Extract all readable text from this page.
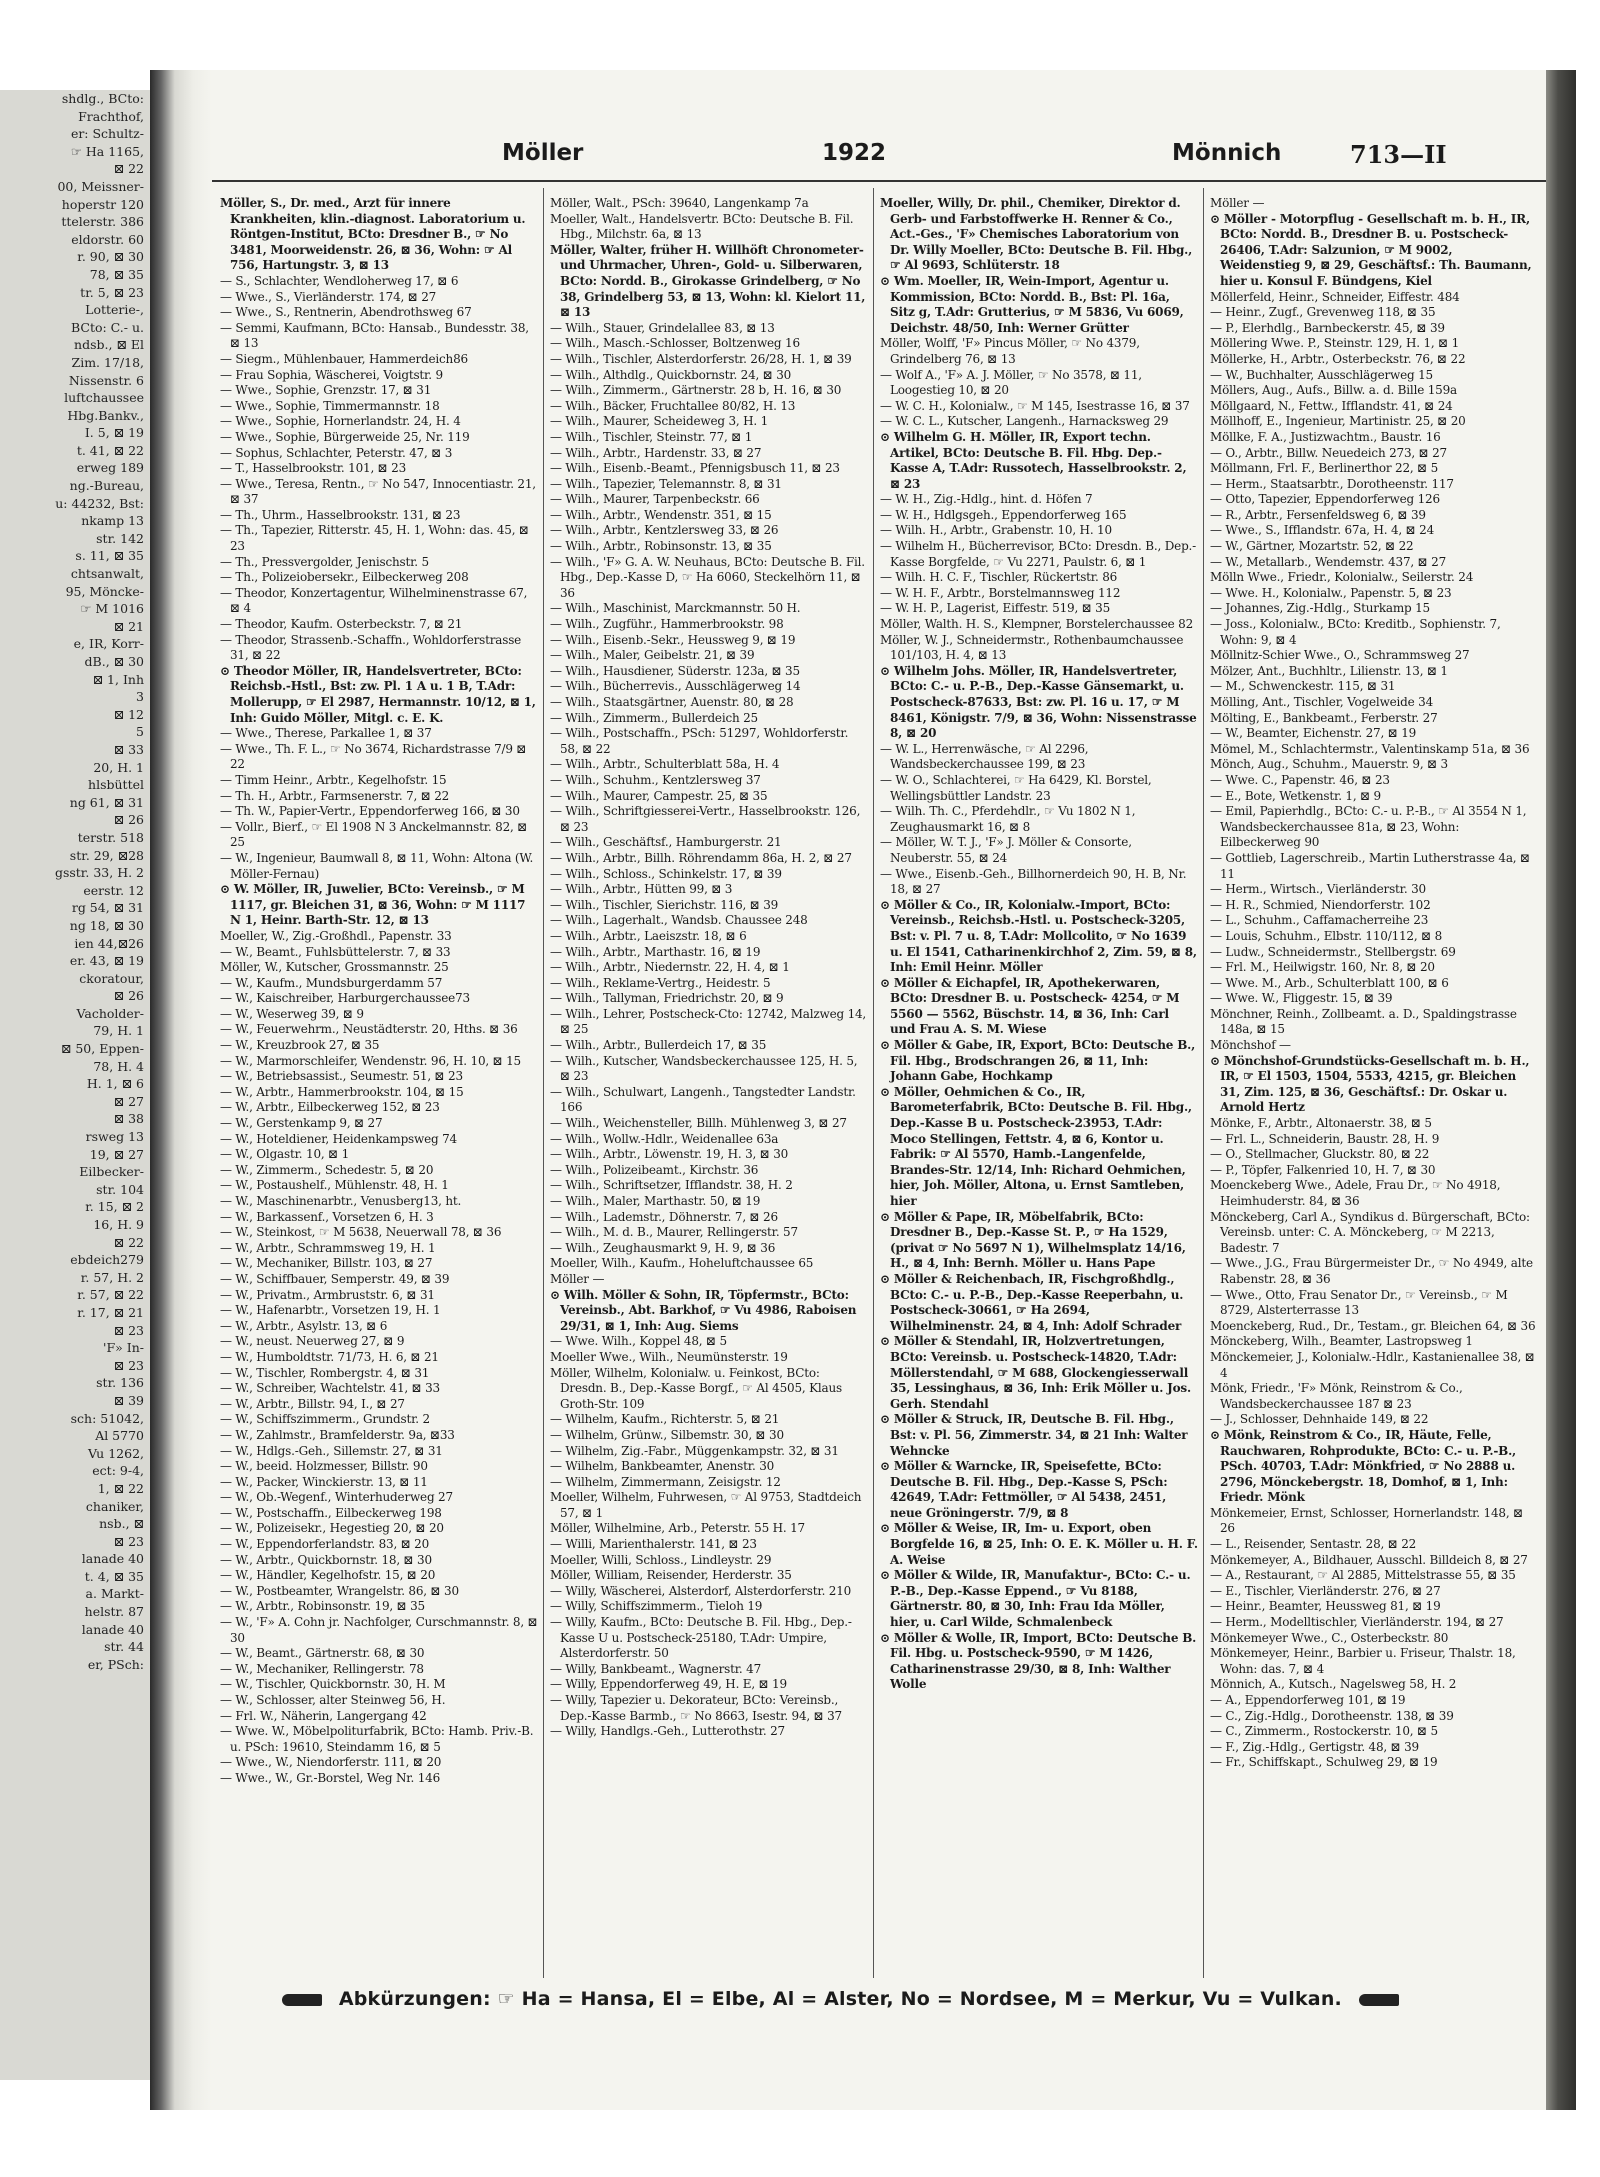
shdlg., BCto:
Frachthof,
er: Schultz-
☞ Ha 1165,
⊠ 22
00, Meissner-
hoperstr 120
ttelerstr. 386
eldorstr. 60
r. 90, ⊠ 30
78, ⊠ 35
tr. 5, ⊠ 23
Lotterie-,
BCto: C.- u.
ndsb., ⊠ El
Zim. 17/18,
Nissenstr. 6
luftchaussee
Hbg.Bankv.,
I. 5, ⊠ 19
t. 41, ⊠ 22
erweg 189
ng.-Bureau,
u: 44232, Bst:
nkamp 13
str. 142
s. 11, ⊠ 35
chtsanwalt,
95, Möncke-
☞ M 1016
⊠ 21
e, IR, Korr-
dB., ⊠ 30
⊠ 1, Inh
3
⊠ 12
5
⊠ 33
20, H. 1
hlsbüttel
ng 61, ⊠ 31
⊠ 26
terstr. 518
str. 29, ⊠28
gsstr. 33, H. 2
eerstr. 12
rg 54, ⊠ 31
ng 18, ⊠ 30
ien 44,⊠26
er. 43, ⊠ 19
ckoratour,
⊠ 26
Vacholder-
79, H. 1
⊠ 50, Eppen-
78, H. 4
H. 1, ⊠ 6
⊠ 27
⊠ 38
rsweg 13
19, ⊠ 27
Eilbecker-
str. 104
r. 15, ⊠ 2
16, H. 9
⊠ 22
ebdeich279
r. 57, H. 2
r. 57, ⊠ 22
r. 17, ⊠ 21
⊠ 23
'F» In-
⊠ 23
str. 136
⊠ 39
sch: 51042,
Al 5770
Vu 1262,
ect: 9-4,
1, ⊠ 22
chaniker,
nsb., ⊠
⊠ 23
lanade 40
t. 4, ⊠ 35
a. Markt-
helstr. 87
lanade 40
str. 44
er, PSch:
Möller	1922	Mönnich	713—II

Möller, S., Dr. med., Arzt für innere Krankheiten, klin.-diagnost. Laboratorium u. Röntgen-Institut, BCto: Dresdner B., ☞ No 3481, Moorweidenstr. 26, ⊠ 36, Wohn: ☞ Al 756, Hartungstr. 3, ⊠ 13

— S., Schlachter, Wendloherweg 17, ⊠ 6

— Wwe., S., Vierländerstr. 174, ⊠ 27

— Wwe., S., Rentnerin, Abendrothsweg 67

— Semmi, Kaufmann, BCto: Hansab., Bundesstr. 38, ⊠ 13

— Siegm., Mühlenbauer, Hammerdeich86

— Frau Sophia, Wäscherei, Voigtstr. 9

— Wwe., Sophie, Grenzstr. 17, ⊠ 31

— Wwe., Sophie, Timmermannstr. 18

— Wwe., Sophie, Hornerlandstr. 24, H. 4

— Wwe., Sophie, Bürgerweide 25, Nr. 119

— Sophus, Schlachter, Peterstr. 47, ⊠ 3

— T., Hasselbrookstr. 101, ⊠ 23

— Wwe., Teresa, Rentn., ☞ No 547, Innocentiastr. 21, ⊠ 37

— Th., Uhrm., Hasselbrookstr. 131, ⊠ 23

— Th., Tapezier, Ritterstr. 45, H. 1, Wohn: das. 45, ⊠ 23

— Th., Pressvergolder, Jenischstr. 5

— Th., Polizeiobersekr., Eilbeckerweg 208

— Theodor, Konzertagentur, Wilhelminenstrasse 67, ⊠ 4

— Theodor, Kaufm. Osterbeckstr. 7, ⊠ 21

— Theodor, Strassenb.-Schaffn., Wohldorferstrasse 31, ⊠ 22

⊙ Theodor Möller, IR, Handelsvertreter, BCto: Reichsb.-Hstl., Bst: zw. Pl. 1 A u. 1 B, T.Adr: Mollerupp, ☞ El 2987, Hermannstr. 10/12, ⊠ 1, Inh: Guido Möller, Mitgl. c. E. K.

— Wwe., Therese, Parkallee 1, ⊠ 37

— Wwe., Th. F. L., ☞ No 3674, Richardstrasse 7/9 ⊠ 22

— Timm Heinr., Arbtr., Kegelhofstr. 15

— Th. H., Arbtr., Farmsenerstr. 7, ⊠ 22

— Th. W., Papier-Vertr., Eppendorferweg 166, ⊠ 30

— Vollr., Bierf., ☞ El 1908 N 3 Anckelmannstr. 82, ⊠ 25

— W., Ingenieur, Baumwall 8, ⊠ 11, Wohn: Altona (W. Möller-Fernau)

⊙ W. Möller, IR, Juwelier, BCto: Vereinsb., ☞ M 1117, gr. Bleichen 31, ⊠ 36, Wohn: ☞ M 1117 N 1, Heinr. Barth-Str. 12, ⊠ 13

Moeller, W., Zig.-Großhdl., Papenstr. 33

— W., Beamt., Fuhlsbüttelerstr. 7, ⊠ 33

Möller, W., Kutscher, Grossmannstr. 25

— W., Kaufm., Mundsburgerdamm 57

— W., Kaischreiber, Harburgerchaussee73

— W., Weserweg 39, ⊠ 9

— W., Feuerwehrm., Neustädterstr. 20, Hths. ⊠ 36

— W., Kreuzbrook 27, ⊠ 35

— W., Marmorschleifer, Wendenstr. 96, H. 10, ⊠ 15

— W., Betriebsassist., Seumestr. 51, ⊠ 23

— W., Arbtr., Hammerbrookstr. 104, ⊠ 15

— W., Arbtr., Eilbeckerweg 152, ⊠ 23

— W., Gerstenkamp 9, ⊠ 27

— W., Hoteldiener, Heidenkampsweg 74

— W., Olgastr. 10, ⊠ 1

— W., Zimmerm., Schedestr. 5, ⊠ 20

— W., Postaushelf., Mühlenstr. 48, H. 1

— W., Maschinenarbtr., Venusberg13, ht.

— W., Barkassenf., Vorsetzen 6, H. 3

— W., Steinkost, ☞ M 5638, Neuerwall 78, ⊠ 36

— W., Arbtr., Schrammsweg 19, H. 1

— W., Mechaniker, Billstr. 103, ⊠ 27

— W., Schiffbauer, Semperstr. 49, ⊠ 39

— W., Privatm., Armbruststr. 6, ⊠ 31

— W., Hafenarbtr., Vorsetzen 19, H. 1

— W., Arbtr., Asylstr. 13, ⊠ 6

— W., neust. Neuerweg 27, ⊠ 9

— W., Humboldtstr. 71/73, H. 6, ⊠ 21

— W., Tischler, Rombergstr. 4, ⊠ 31

— W., Schreiber, Wachtelstr. 41, ⊠ 33

— W., Arbtr., Billstr. 94, I., ⊠ 27

— W., Schiffszimmerm., Grundstr. 2

— W., Zahlmstr., Bramfelderstr. 9a, ⊠33

— W., Hdlgs.-Geh., Sillemstr. 27, ⊠ 31

— W., beeid. Holzmesser, Billstr. 90

— W., Packer, Winckierstr. 13, ⊠ 11

— W., Ob.-Wegenf., Winterhuderweg 27

— W., Postschaffn., Eilbeckerweg 198

— W., Polizeisekr., Hegestieg 20, ⊠ 20

— W., Eppendorferlandstr. 83, ⊠ 20

— W., Arbtr., Quickbornstr. 18, ⊠ 30

— W., Händler, Kegelhofstr. 15, ⊠ 20

— W., Postbeamter, Wrangelstr. 86, ⊠ 30

— W., Arbtr., Robinsonstr. 19, ⊠ 35

— W., 'F» A. Cohn jr. Nachfolger, Curschmannstr. 8, ⊠ 30

— W., Beamt., Gärtnerstr. 68, ⊠ 30

— W., Mechaniker, Rellingerstr. 78

— W., Tischler, Quickbornstr. 30, H. M

— W., Schlosser, alter Steinweg 56, H.

— Frl. W., Näherin, Langergang 42

— Wwe. W., Möbelpoliturfabrik, BCto: Hamb. Priv.-B. u. PSch: 19610, Steindamm 16, ⊠ 5

— Wwe., W., Niendorferstr. 111, ⊠ 20

— Wwe., W., Gr.-Borstel, Weg Nr. 146

Möller, Walt., PSch: 39640, Langenkamp 7a

Moeller, Walt., Handelsvertr. BCto: Deutsche B. Fil. Hbg., Milchstr. 6a, ⊠ 13

Möller, Walter, früher H. Willhöft Chronometer- und Uhrmacher, Uhren-, Gold- u. Silberwaren, BCto: Nordd. B., Girokasse Grindelberg, ☞ No 38, Grindelberg 53, ⊠ 13, Wohn: kl. Kielort 11, ⊠ 13

— Wilh., Stauer, Grindelallee 83, ⊠ 13

— Wilh., Masch.-Schlosser, Boltzenweg 16

— Wilh., Tischler, Alsterdorferstr. 26/28, H. 1, ⊠ 39

— Wilh., Althdlg., Quickbornstr. 24, ⊠ 30

— Wilh., Zimmerm., Gärtnerstr. 28 b, H. 16, ⊠ 30

— Wilh., Bäcker, Fruchtallee 80/82, H. 13

— Wilh., Maurer, Scheideweg 3, H. 1

— Wilh., Tischler, Steinstr. 77, ⊠ 1

— Wilh., Arbtr., Hardenstr. 33, ⊠ 27

— Wilh., Eisenb.-Beamt., Pfennigsbusch 11, ⊠ 23

— Wilh., Tapezier, Telemannstr. 8, ⊠ 31

— Wilh., Maurer, Tarpenbeckstr. 66

— Wilh., Arbtr., Wendenstr. 351, ⊠ 15

— Wilh., Arbtr., Kentzlersweg 33, ⊠ 26

— Wilh., Arbtr., Robinsonstr. 13, ⊠ 35

— Wilh., 'F» G. A. W. Neuhaus, BCto: Deutsche B. Fil. Hbg., Dep.-Kasse D, ☞ Ha 6060, Steckelhörn 11, ⊠ 36

— Wilh., Maschinist, Marckmannstr. 50 H.

— Wilh., Zugführ., Hammerbrookstr. 98

— Wilh., Eisenb.-Sekr., Heussweg 9, ⊠ 19

— Wilh., Maler, Geibelstr. 21, ⊠ 39

— Wilh., Hausdiener, Süderstr. 123a, ⊠ 35

— Wilh., Bücherrevis., Ausschlägerweg 14

— Wilh., Staatsgärtner, Auenstr. 80, ⊠ 28

— Wilh., Zimmerm., Bullerdeich 25

— Wilh., Postschaffn., PSch: 51297, Wohldorferstr. 58, ⊠ 22

— Wilh., Arbtr., Schulterblatt 58a, H. 4

— Wilh., Schuhm., Kentzlersweg 37

— Wilh., Maurer, Campestr. 25, ⊠ 35

— Wilh., Schriftgiesserei-Vertr., Hasselbrookstr. 126, ⊠ 23

— Wilh., Geschäftsf., Hamburgerstr. 21

— Wilh., Arbtr., Billh. Röhrendamm 86a, H. 2, ⊠ 27

— Wilh., Schloss., Schinkelstr. 17, ⊠ 39

— Wilh., Arbtr., Hütten 99, ⊠ 3

— Wilh., Tischler, Sierichstr. 116, ⊠ 39

— Wilh., Lagerhalt., Wandsb. Chaussee 248

— Wilh., Arbtr., Laeiszstr. 18, ⊠ 6

— Wilh., Arbtr., Marthastr. 16, ⊠ 19

— Wilh., Arbtr., Niedernstr. 22, H. 4, ⊠ 1

— Wilh., Reklame-Vertrg., Heidestr. 5

— Wilh., Tallyman, Friedrichstr. 20, ⊠ 9

— Wilh., Lehrer, Postscheck-Cto: 12742, Malzweg 14, ⊠ 25

— Wilh., Arbtr., Bullerdeich 17, ⊠ 35

— Wilh., Kutscher, Wandsbeckerchaussee 125, H. 5, ⊠ 23

— Wilh., Schulwart, Langenh., Tangstedter Landstr. 166

— Wilh., Weichensteller, Billh. Mühlenweg 3, ⊠ 27

— Wilh., Wollw.-Hdlr., Weidenallee 63a

— Wilh., Arbtr., Löwenstr. 19, H. 3, ⊠ 30

— Wilh., Polizeibeamt., Kirchstr. 36

— Wilh., Schriftsetzer, Ifflandstr. 38, H. 2

— Wilh., Maler, Marthastr. 50, ⊠ 19

— Wilh., Lademstr., Döhnerstr. 7, ⊠ 26

— Wilh., M. d. B., Maurer, Rellingerstr. 57

— Wilh., Zeughausmarkt 9, H. 9, ⊠ 36

Moeller, Wilh., Kaufm., Hoheluftchaussee 65

Möller —

⊙ Wilh. Möller & Sohn, IR, Töpfermstr., BCto: Vereinsb., Abt. Barkhof, ☞ Vu 4986, Raboisen 29/31, ⊠ 1, Inh: Aug. Siems

— Wwe. Wilh., Koppel 48, ⊠ 5

Moeller Wwe., Wilh., Neumünsterstr. 19

Möller, Wilhelm, Kolonialw. u. Feinkost, BCto: Dresdn. B., Dep.-Kasse Borgf., ☞ Al 4505, Klaus Groth-Str. 109

— Wilhelm, Kaufm., Richterstr. 5, ⊠ 21

— Wilhelm, Grünw., Silbemstr. 30, ⊠ 30

— Wilhelm, Zig.-Fabr., Müggenkampstr. 32, ⊠ 31

— Wilhelm, Bankbeamter, Anenstr. 30

— Wilhelm, Zimmermann, Zeisigstr. 12

Moeller, Wilhelm, Fuhrwesen, ☞ Al 9753, Stadtdeich 57, ⊠ 1

Möller, Wilhelmine, Arb., Peterstr. 55 H. 17

— Willi, Marienthalerstr. 141, ⊠ 23

Moeller, Willi, Schloss., Lindleystr. 29

Möller, William, Reisender, Herderstr. 35

— Willy, Wäscherei, Alsterdorf, Alsterdorferstr. 210

— Willy, Schiffszimmerm., Tieloh 19

— Willy, Kaufm., BCto: Deutsche B. Fil. Hbg., Dep.-Kasse U u. Postscheck-25180, T.Adr: Umpire, Alsterdorferstr. 50

— Willy, Bankbeamt., Wagnerstr. 47

— Willy, Eppendorferweg 49, H. E, ⊠ 19

— Willy, Tapezier u. Dekorateur, BCto: Vereinsb., Dep.-Kasse Barmb., ☞ No 8663, Isestr. 94, ⊠ 37

— Willy, Handlgs.-Geh., Lutterothstr. 27

Moeller, Willy, Dr. phil., Chemiker, Direktor d. Gerb- und Farbstoffwerke H. Renner & Co., Act.-Ges., 'F» Chemisches Laboratorium von Dr. Willy Moeller, BCto: Deutsche B. Fil. Hbg., ☞ Al 9693, Schlüterstr. 18

⊙ Wm. Moeller, IR, Wein-Import, Agentur u. Kommission, BCto: Nordd. B., Bst: Pl. 16a, Sitz g, T.Adr: Grutterius, ☞ M 5836, Vu 6069, Deichstr. 48/50, Inh: Werner Grütter

Möller, Wolff, 'F» Pincus Möller, ☞ No 4379, Grindelberg 76, ⊠ 13

— Wolf A., 'F» A. J. Möller, ☞ No 3578, ⊠ 11, Loogestieg 10, ⊠ 20

— W. C. H., Kolonialw., ☞ M 145, Isestrasse 16, ⊠ 37

— W. C. L., Kutscher, Langenh., Harnacksweg 29

⊙ Wilhelm G. H. Möller, IR, Export techn. Artikel, BCto: Deutsche B. Fil. Hbg. Dep.-Kasse A, T.Adr: Russotech, Hasselbrookstr. 2, ⊠ 23

— W. H., Zig.-Hdlg., hint. d. Höfen 7

— W. H., Hdlgsgeh., Eppendorferweg 165

— Wilh. H., Arbtr., Grabenstr. 10, H. 10

— Wilhelm H., Bücherrevisor, BCto: Dresdn. B., Dep.-Kasse Borgfelde, ☞ Vu 2271, Paulstr. 6, ⊠ 1

— Wilh. H. C. F., Tischler, Rückertstr. 86

— W. H. F., Arbtr., Borstelmannsweg 112

— W. H. P., Lagerist, Eiffestr. 519, ⊠ 35

Möller, Walth. H. S., Klempner, Borstelerchaussee 82

Möller, W. J., Schneidermstr., Rothenbaumchaussee 101/103, H. 4, ⊠ 13

⊙ Wilhelm Johs. Möller, IR, Handelsvertreter, BCto: C.- u. P.-B., Dep.-Kasse Gänsemarkt, u. Postscheck-87633, Bst: zw. Pl. 16 u. 17, ☞ M 8461, Königstr. 7/9, ⊠ 36, Wohn: Nissenstrasse 8, ⊠ 20

— W. L., Herrenwäsche, ☞ Al 2296, Wandsbeckerchaussee 199, ⊠ 23

— W. O., Schlachterei, ☞ Ha 6429, Kl. Borstel, Wellingsbüttler Landstr. 23

— Wilh. Th. C., Pferdehdlr., ☞ Vu 1802 N 1, Zeughausmarkt 16, ⊠ 8

— Möller, W. T. J., 'F» J. Möller & Consorte, Neuberstr. 55, ⊠ 24

— Wwe., Eisenb.-Geh., Billhornerdeich 90, H. B, Nr. 18, ⊠ 27

⊙ Möller & Co., IR, Kolonialw.-Import, BCto: Vereinsb., Reichsb.-Hstl. u. Postscheck-3205, Bst: v. Pl. 7 u. 8, T.Adr: Mollcolito, ☞ No 1639 u. El 1541, Catharinenkirchhof 2, Zim. 59, ⊠ 8, Inh: Emil Heinr. Möller

⊙ Möller & Eichapfel, IR, Apothekerwaren, BCto: Dresdner B. u. Postscheck- 4254, ☞ M 5560 — 5562, Büschstr. 14, ⊠ 36, Inh: Carl und Frau A. S. M. Wiese

⊙ Möller & Gabe, IR, Export, BCto: Deutsche B., Fil. Hbg., Brodschrangen 26, ⊠ 11, Inh: Johann Gabe, Hochkamp

⊙ Möller, Oehmichen & Co., IR, Barometerfabrik, BCto: Deutsche B. Fil. Hbg., Dep.-Kasse B u. Postscheck-23953, T.Adr: Moco Stellingen, Fettstr. 4, ⊠ 6, Kontor u. Fabrik: ☞ Al 5570, Hamb.-Langenfelde, Brandes-Str. 12/14, Inh: Richard Oehmichen, hier, Joh. Möller, Altona, u. Ernst Samtleben, hier

⊙ Möller & Pape, IR, Möbelfabrik, BCto: Dresdner B., Dep.-Kasse St. P., ☞ Ha 1529, (privat ☞ No 5697 N 1), Wilhelmsplatz 14/16, H., ⊠ 4, Inh: Bernh. Möller u. Hans Pape

⊙ Möller & Reichenbach, IR, Fischgroßhdlg., BCto: C.- u. P.-B., Dep.-Kasse Reeperbahn, u. Postscheck-30661, ☞ Ha 2694, Wilhelminenstr. 24, ⊠ 4, Inh: Adolf Schrader

⊙ Möller & Stendahl, IR, Holzvertretungen, BCto: Vereinsb. u. Postscheck-14820, T.Adr: Möllerstendahl, ☞ M 688, Glockengiesserwall 35, Lessinghaus, ⊠ 36, Inh: Erik Möller u. Jos. Gerh. Stendahl

⊙ Möller & Struck, IR, Deutsche B. Fil. Hbg., Bst: v. Pl. 56, Zimmerstr. 34, ⊠ 21 Inh: Walter Wehncke

⊙ Möller & Warncke, IR, Speisefette, BCto: Deutsche B. Fil. Hbg., Dep.-Kasse S, PSch: 42649, T.Adr: Fettmöller, ☞ Al 5438, 2451, neue Gröningerstr. 7/9, ⊠ 8

⊙ Möller & Weise, IR, Im- u. Export, oben Borgfelde 16, ⊠ 25, Inh: O. E. K. Möller u. H. F. A. Weise

⊙ Möller & Wilde, IR, Manufaktur-, BCto: C.- u. P.-B., Dep.-Kasse Eppend., ☞ Vu 8188, Gärtnerstr. 80, ⊠ 30, Inh: Frau Ida Möller, hier, u. Carl Wilde, Schmalenbeck

⊙ Möller & Wolle, IR, Import, BCto: Deutsche B. Fil. Hbg. u. Postscheck-9590, ☞ M 1426, Catharinenstrasse 29/30, ⊠ 8, Inh: Walther Wolle

Möller —

⊙ Möller - Motorpflug - Gesellschaft m. b. H., IR, BCto: Nordd. B., Dresdner B. u. Postscheck-26406, T.Adr: Salzunion, ☞ M 9002, Weidenstieg 9, ⊠ 29, Geschäftsf.: Th. Baumann, hier u. Konsul F. Bündgens, Kiel

Möllerfeld, Heinr., Schneider, Eiffestr. 484

— Heinr., Zugf., Grevenweg 118, ⊠ 35

— P., Elerhdlg., Barnbeckerstr. 45, ⊠ 39

Möllering Wwe. P., Steinstr. 129, H. 1, ⊠ 1

Möllerke, H., Arbtr., Osterbeckstr. 76, ⊠ 22

— W., Buchhalter, Ausschlägerweg 15

Möllers, Aug., Aufs., Billw. a. d. Bille 159a

Möllgaard, N., Fettw., Ifflandstr. 41, ⊠ 24

Möllhoff, E., Ingenieur, Martinistr. 25, ⊠ 20

Möllke, F. A., Justizwachtm., Baustr. 16

— O., Arbtr., Billw. Neuedeich 273, ⊠ 27

Möllmann, Frl. F., Berlinerthor 22, ⊠ 5

— Herm., Staatsarbtr., Dorotheenstr. 117

— Otto, Tapezier, Eppendorferweg 126

— R., Arbtr., Fersenfeldsweg 6, ⊠ 39

— Wwe., S., Ifflandstr. 67a, H. 4, ⊠ 24

— W., Gärtner, Mozartstr. 52, ⊠ 22

— W., Metallarb., Wendemstr. 437, ⊠ 27

Mölln Wwe., Friedr., Kolonialw., Seilerstr. 24

— Wwe. H., Kolonialw., Papenstr. 5, ⊠ 23

— Johannes, Zig.-Hdlg., Sturkamp 15

— Joss., Kolonialw., BCto: Kreditb., Sophienstr. 7, Wohn: 9, ⊠ 4

Möllnitz-Schier Wwe., O., Schrammsweg 27

Mölzer, Ant., Buchhltr., Lilienstr. 13, ⊠ 1

— M., Schwenckestr. 115, ⊠ 31

Mölling, Ant., Tischler, Vogelweide 34

Mölting, E., Bankbeamt., Ferberstr. 27

— W., Beamter, Eichenstr. 27, ⊠ 19

Mömel, M., Schlachtermstr., Valentinskamp 51a, ⊠ 36

Mönch, Aug., Schuhm., Mauerstr. 9, ⊠ 3

— Wwe. C., Papenstr. 46, ⊠ 23

— E., Bote, Wetkenstr. 1, ⊠ 9

— Emil, Papierhdlg., BCto: C.- u. P.-B., ☞ Al 3554 N 1, Wandsbeckerchaussee 81a, ⊠ 23, Wohn: Eilbeckerweg 90

— Gottlieb, Lagerschreib., Martin Lutherstrasse 4a, ⊠ 11

— Herm., Wirtsch., Vierländerstr. 30

— H. R., Schmied, Niendorferstr. 102

— L., Schuhm., Caffamacherreihe 23

— Louis, Schuhm., Elbstr. 110/112, ⊠ 8

— Ludw., Schneidermstr., Stellbergstr. 69

— Frl. M., Heilwigstr. 160, Nr. 8, ⊠ 20

— Wwe. M., Arb., Schulterblatt 100, ⊠ 6

— Wwe. W., Fliggestr. 15, ⊠ 39

Mönchner, Reinh., Zollbeamt. a. D., Spaldingstrasse 148a, ⊠ 15

Mönchshof —

⊙ Mönchshof-Grundstücks-Gesellschaft m. b. H., IR, ☞ El 1503, 1504, 5533, 4215, gr. Bleichen 31, Zim. 125, ⊠ 36, Geschäftsf.: Dr. Oskar u. Arnold Hertz

Mönke, F., Arbtr., Altonaerstr. 38, ⊠ 5

— Frl. L., Schneiderin, Baustr. 28, H. 9

— O., Stellmacher, Gluckstr. 80, ⊠ 22

— P., Töpfer, Falkenried 10, H. 7, ⊠ 30

Moenckeberg Wwe., Adele, Frau Dr., ☞ No 4918, Heimhuderstr. 84, ⊠ 36

Mönckeberg, Carl A., Syndikus d. Bürgerschaft, BCto: Vereinsb. unter: C. A. Mönckeberg, ☞ M 2213, Badestr. 7

— Wwe., J.G., Frau Bürgermeister Dr., ☞ No 4949, alte Rabenstr. 28, ⊠ 36

— Wwe., Otto, Frau Senator Dr., ☞ Vereinsb., ☞ M 8729, Alsterterrasse 13

Moenckeberg, Rud., Dr., Testam., gr. Bleichen 64, ⊠ 36

Mönckeberg, Wilh., Beamter, Lastropsweg 1

Mönckemeier, J., Kolonialw.-Hdlr., Kastanienallee 38, ⊠ 4

Mönk, Friedr., 'F» Mönk, Reinstrom & Co., Wandsbeckerchaussee 187 ⊠ 23

— J., Schlosser, Dehnhaide 149, ⊠ 22

⊙ Mönk, Reinstrom & Co., IR, Häute, Felle, Rauchwaren, Rohprodukte, BCto: C.- u. P.-B., PSch. 40703, T.Adr: Mönkfried, ☞ No 2888 u. 2796, Mönckebergstr. 18, Domhof, ⊠ 1, Inh: Friedr. Mönk

Mönkemeier, Ernst, Schlosser, Hornerlandstr. 148, ⊠ 26

— L., Reisender, Sentastr. 28, ⊠ 22

Mönkemeyer, A., Bildhauer, Ausschl. Billdeich 8, ⊠ 27

— A., Restaurant, ☞ Al 2885, Mittelstrasse 55, ⊠ 35

— E., Tischler, Vierländerstr. 276, ⊠ 27

— Heinr., Beamter, Heussweg 81, ⊠ 19

— Herm., Modelltischler, Vierländerstr. 194, ⊠ 27

Mönkemeyer Wwe., C., Osterbeckstr. 80

Mönkemeyer, Heinr., Barbier u. Friseur, Thalstr. 18, Wohn: das. 7, ⊠ 4

Mönnich, A., Kutsch., Nagelsweg 58, H. 2

— A., Eppendorferweg 101, ⊠ 19

— C., Zig.-Hdlg., Dorotheenstr. 138, ⊠ 39

— C., Zimmerm., Rostockerstr. 10, ⊠ 5

— F., Zig.-Hdlg., Gertigstr. 48, ⊠ 39

— Fr., Schiffskapt., Schulweg 29, ⊠ 19

Abkürzungen: ☞ Ha = Hansa, El = Elbe, Al = Alster, No = Nordsee, M = Merkur, Vu = Vulkan.
